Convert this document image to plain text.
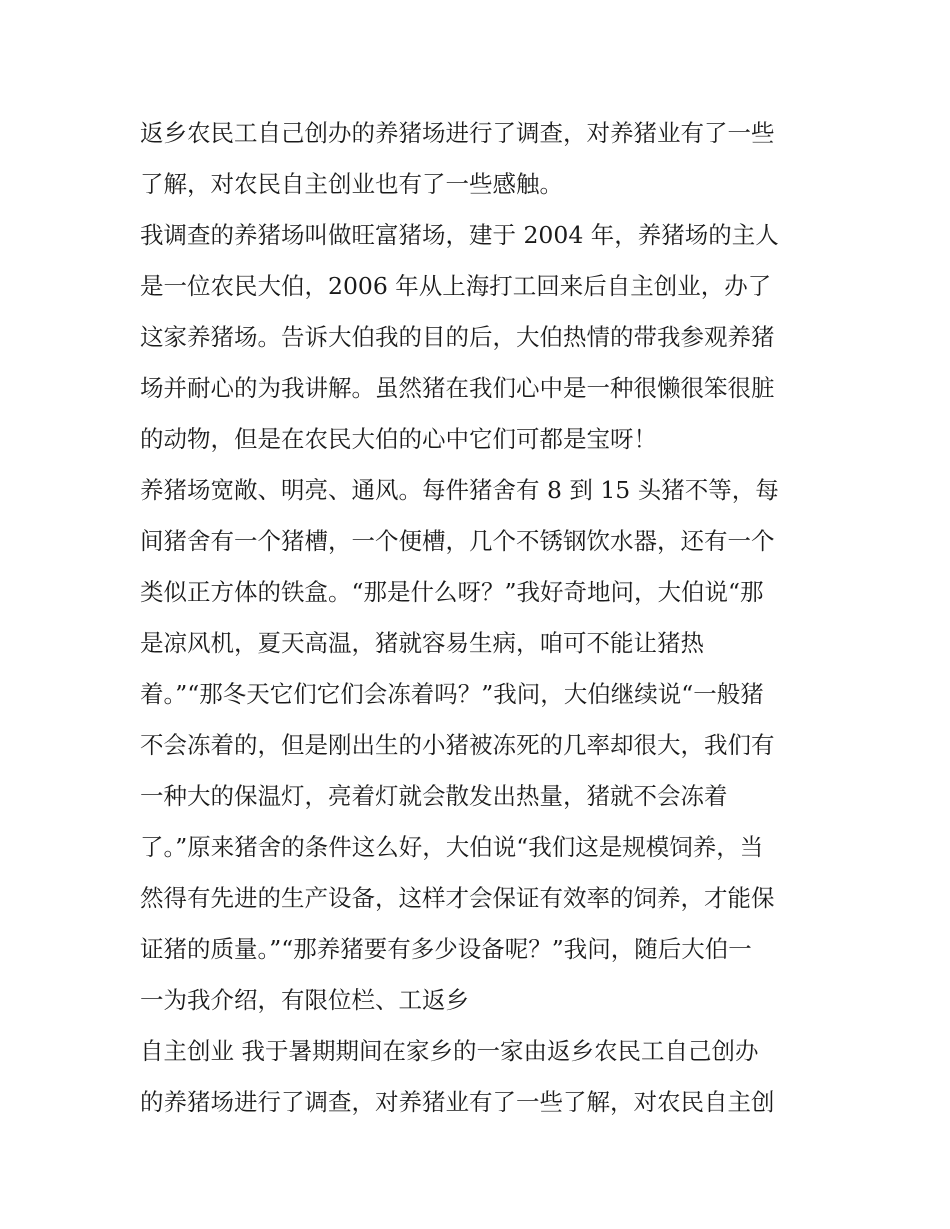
返乡农民工自己创办的养猪场进行了调查，对养猪业有了一些
了解，对农民自主创业也有了一些感触。
我调查的养猪场叫做旺富猪场，建于 2004 年，养猪场的主人
是一位农民大伯，2006 年从上海打工回来后自主创业，办了
这家养猪场。告诉大伯我的目的后，大伯热情的带我参观养猪
场并耐心的为我讲解。虽然猪在我们心中是一种很懒很笨很脏
的动物，但是在农民大伯的心中它们可都是宝呀！
养猪场宽敞、明亮、通风。每件猪舍有 8 到 15 头猪不等，每
间猪舍有一个猪槽，一个便槽，几个不锈钢饮水器，还有一个
类似正方体的铁盒。“那是什么呀？”我好奇地问，大伯说“那
是凉风机，夏天高温，猪就容易生病，咱可不能让猪热
着。”“那冬天它们它们会冻着吗？”我问，大伯继续说“一般猪
不会冻着的，但是刚出生的小猪被冻死的几率却很大，我们有
一种大的保温灯，亮着灯就会散发出热量，猪就不会冻着
了。”原来猪舍的条件这么好，大伯说“我们这是规模饲养，当
然得有先进的生产设备，这样才会保证有效率的饲养，才能保
证猪的质量。”“那养猪要有多少设备呢？”我问，随后大伯一
一为我介绍，有限位栏、工返乡
自主创业 我于暑期期间在家乡的一家由返乡农民工自己创办
的养猪场进行了调查，对养猪业有了一些了解，对农民自主创
